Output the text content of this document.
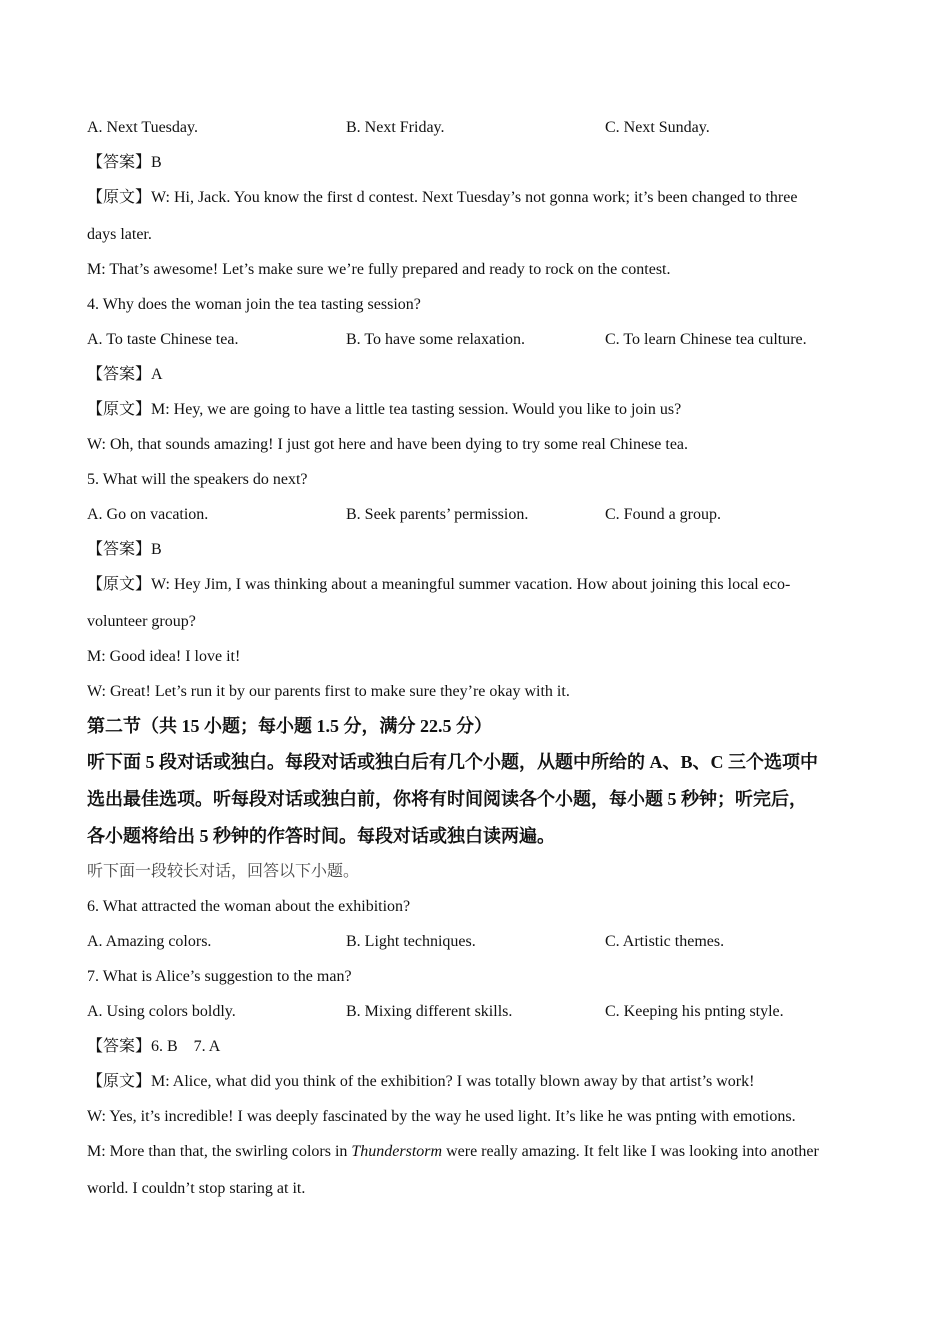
A. Next Tuesday.	B. Next Friday.	C. Next Sunday.

【答案】B

【原文】W: Hi, Jack. You know the first d contest. Next Tuesday’s not gonna work; it’s been changed to three

days later.

M: That’s awesome! Let’s make sure we’re fully prepared and ready to rock on the contest.

4. Why does the woman join the tea tasting session?

A. To taste Chinese tea.	B. To have some relaxation.	C. To learn Chinese tea culture.

【答案】A

【原文】M: Hey, we are going to have a little tea tasting session. Would you like to join us?

W: Oh, that sounds amazing! I just got here and have been dying to try some real Chinese tea.

5. What will the speakers do next?

A. Go on vacation.	B. Seek parents’ permission.	C. Found a group.

【答案】B

【原文】W: Hey Jim, I was thinking about a meaningful summer vacation. How about joining this local eco-

volunteer group?

M: Good idea! I love it!

W: Great! Let’s run it by our parents first to make sure they’re okay with it.

第二节（共 15 小题；每小题 1.5 分，满分 22.5 分）

听下面 5 段对话或独白。每段对话或独白后有几个小题，从题中所给的 A、B、C 三个选项中

选出最佳选项。听每段对话或独白前，你将有时间阅读各个小题，每小题 5 秒钟；听完后，

各小题将给出 5 秒钟的作答时间。每段对话或独白读两遍。

听下面一段较长对话，回答以下小题。

6. What attracted the woman about the exhibition?

A. Amazing colors.	B. Light techniques.	C. Artistic themes.

7. What is Alice’s suggestion to the man?

A. Using colors boldly.	B. Mixing different skills.	C. Keeping his pnting style.

【答案】6. B　7. A

【原文】M: Alice, what did you think of the exhibition? I was totally blown away by that artist’s work!

W: Yes, it’s incredible! I was deeply fascinated by the way he used light. It’s like he was pnting with emotions.

M: More than that, the swirling colors in Thunderstorm were really amazing. It felt like I was looking into another

world. I couldn’t stop staring at it.
